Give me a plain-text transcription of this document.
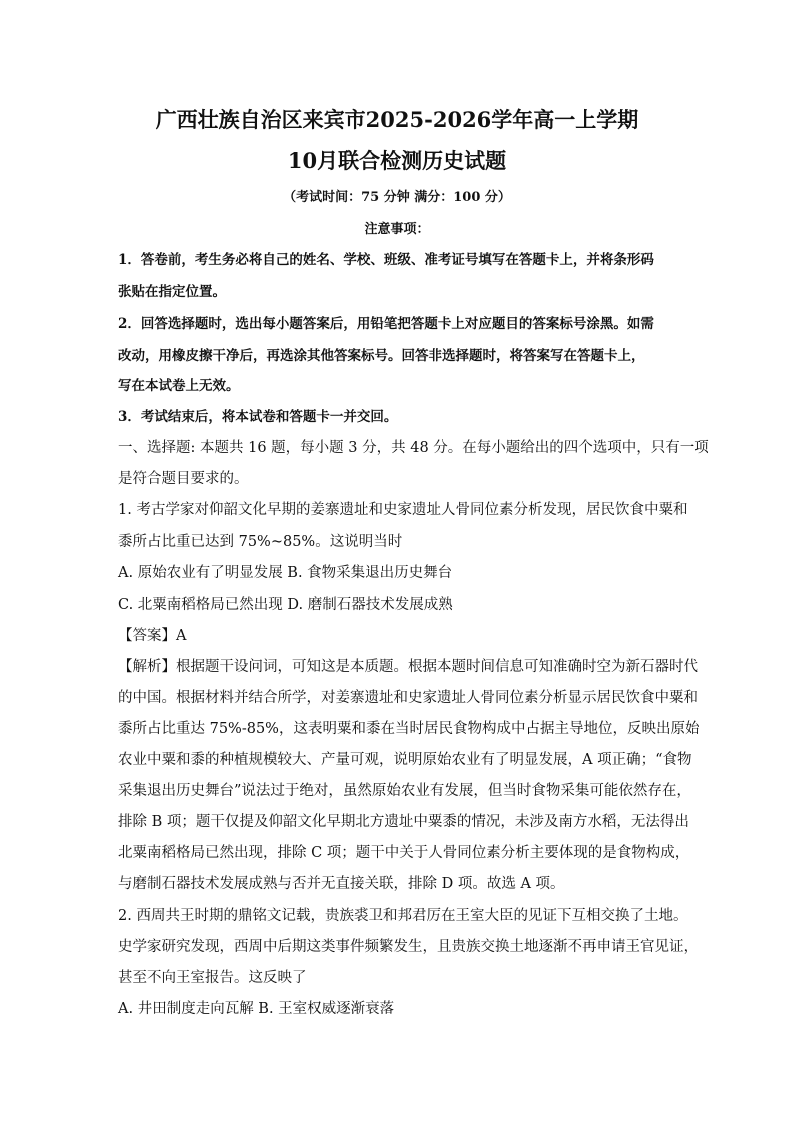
广西壮族自治区来宾市2025-2026学年高一上学期
10月联合检测历史试题
（考试时间：75 分钟 满分：100 分）
注意事项：
1．答卷前，考生务必将自己的姓名、学校、班级、准考证号填写在答题卡上，并将条形码
张贴在指定位置。
2．回答选择题时，选出每小题答案后，用铅笔把答题卡上对应题目的答案标号涂黑。如需
改动，用橡皮擦干净后，再选涂其他答案标号。回答非选择题时，将答案写在答题卡上，
写在本试卷上无效。
3．考试结束后，将本试卷和答题卡一并交回。
一、选择题: 本题共 16 题，每小题 3 分，共 48 分。在每小题给出的四个选项中，只有一项
是符合题目要求的。
1. 考古学家对仰韶文化早期的姜寨遗址和史家遗址人骨同位素分析发现，居民饮食中粟和
黍所占比重已达到 75%~85%。这说明当时
A. 原始农业有了明显发展 B. 食物采集退出历史舞台
C. 北粟南稻格局已然出现 D. 磨制石器技术发展成熟
【答案】A
【解析】根据题干设问词，可知这是本质题。根据本题时间信息可知准确时空为新石器时代
的中国。根据材料并结合所学，对姜寨遗址和史家遗址人骨同位素分析显示居民饮食中粟和
黍所占比重达 75%-85%，这表明粟和黍在当时居民食物构成中占据主导地位，反映出原始
农业中粟和黍的种植规模较大、产量可观，说明原始农业有了明显发展，A 项正确；“食物
采集退出历史舞台”说法过于绝对，虽然原始农业有发展，但当时食物采集可能依然存在，
排除 B 项；题干仅提及仰韶文化早期北方遗址中粟黍的情况，未涉及南方水稻，无法得出
北粟南稻格局已然出现，排除 C 项；题干中关于人骨同位素分析主要体现的是食物构成，
与磨制石器技术发展成熟与否并无直接关联，排除 D 项。故选 A 项。
2. 西周共王时期的鼎铭文记载，贵族裘卫和邦君厉在王室大臣的见证下互相交换了土地。
史学家研究发现，西周中后期这类事件频繁发生，且贵族交换土地逐渐不再申请王官见证，
甚至不向王室报告。这反映了
A. 井田制度走向瓦解 B. 王室权威逐渐衰落
